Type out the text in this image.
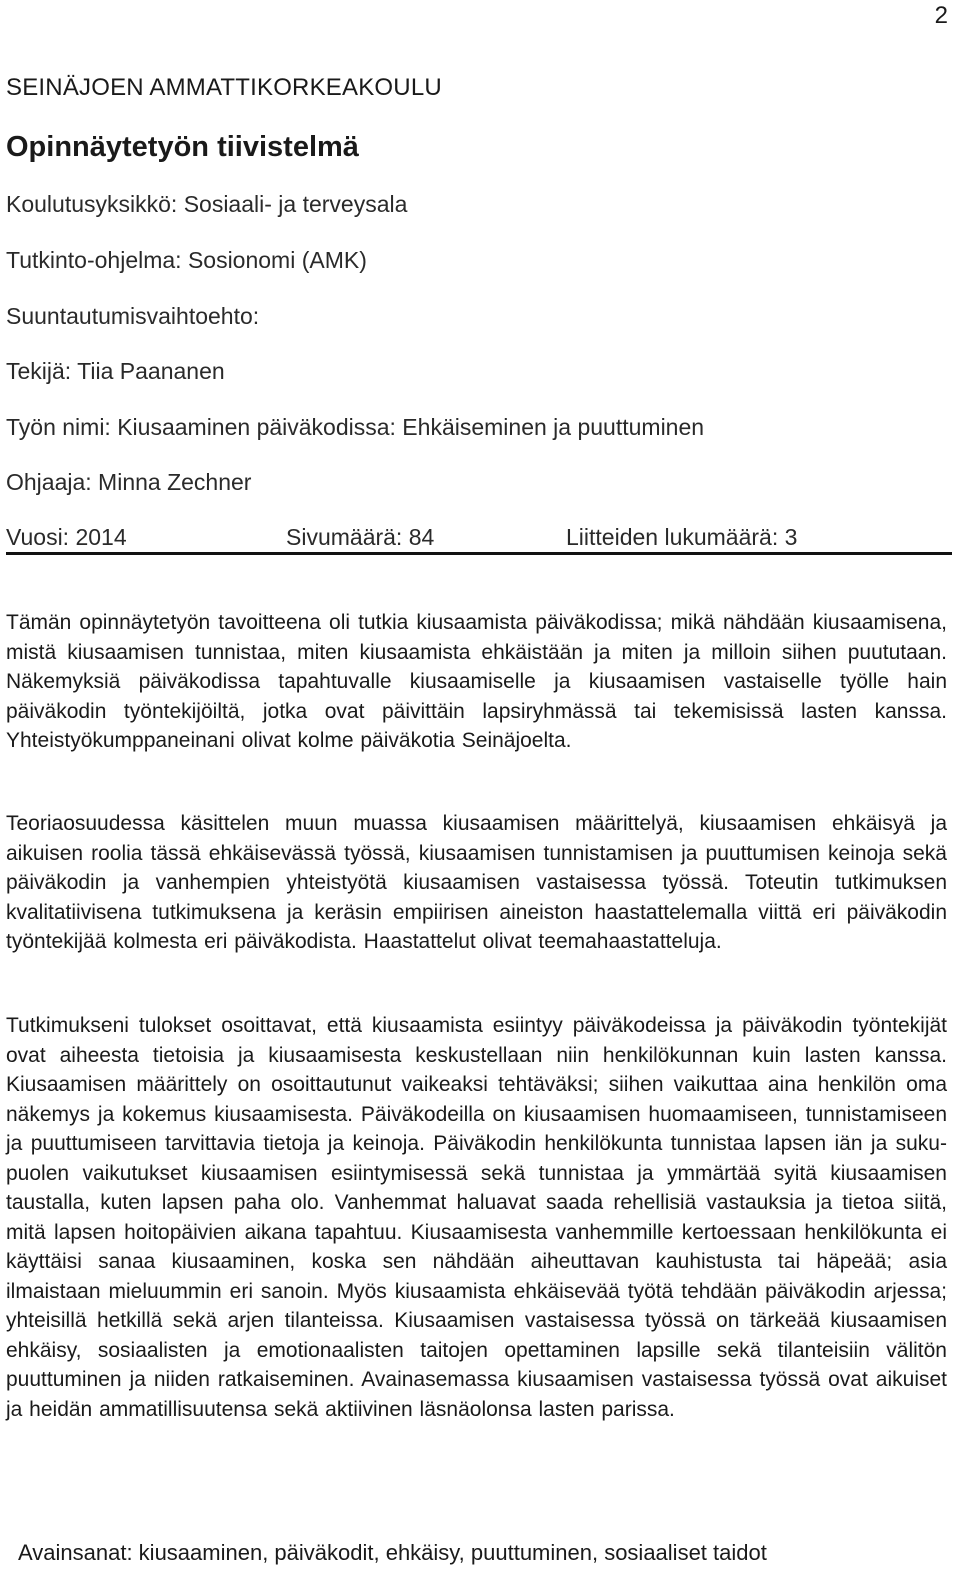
2
SEINÄJOEN AMMATTIKORKEAKOULU
Opinnäytetyön tiivistelmä
Koulutusyksikkö: Sosiaali- ja terveysala
Tutkinto-ohjelma: Sosionomi (AMK)
Suuntautumisvaihtoehto:
Tekijä: Tiia Paananen
Työn nimi: Kiusaaminen päiväkodissa: Ehkäiseminen ja puuttuminen
Ohjaaja: Minna Zechner
Vuosi: 2014	Sivumäärä: 84	Liitteiden lukumäärä: 3

Tämän opinnäytetyön tavoitteena oli tutkia kiusaamista päiväkodissa; mikä nähdään kiusaamisena, mistä kiusaamisen tunnistaa, miten kiusaamista ehkäistään ja miten ja milloin siihen puututaan. Näkemyksiä päiväkodissa tapahtuvalle kiusaamiselle ja kiusaamisen vastaiselle työlle hain päiväkodin työntekijöiltä, jotka ovat päivittäin lapsiryhmässä tai tekemisissä lasten kanssa. Yhteistyökumppaneinani olivat kolme päiväkotia Seinäjoelta.

Teoriaosuudessa käsittelen muun muassa kiusaamisen määrittelyä, kiusaamisen ehkäisyä ja aikuisen roolia tässä ehkäisevässä työssä, kiusaamisen tunnistamisen ja puuttumisen keinoja sekä päiväkodin ja vanhempien yhteistyötä kiusaamisen vastaisessa työssä. Toteutin tutkimuksen kvalitatiivisena tutkimuksena ja keräsin empiirisen aineiston haastattelemalla viittä eri päiväkodin työntekijää kolmesta eri päiväkodista. Haastattelut olivat teemahaastatteluja.

Tutkimukseni tulokset osoittavat, että kiusaamista esiintyy päiväkodeissa ja päiväkodin työntekijät ovat aiheesta tietoisia ja kiusaamisesta keskustellaan niin henkilökunnan kuin lasten kanssa. Kiusaamisen määrittely on osoittautunut vaikeaksi tehtäväksi; siihen vaikuttaa aina henkilön oma näkemys ja kokemus kiusaamisesta. Päiväkodeilla on kiusaamisen huomaamiseen, tunnistamiseen ja puuttumiseen tarvittavia tietoja ja keinoja. Päiväkodin henkilökunta tunnistaa lapsen iän ja sukupuolen vaikutukset kiusaamisen esiintymisessä sekä tunnistaa ja ymmärtää syitä kiusaamisen taustalla, kuten lapsen paha olo. Vanhemmat haluavat saada rehellisiä vastauksia ja tietoa siitä, mitä lapsen hoitopäivien aikana tapahtuu. Kiusaamisesta vanhemmille kertoessaan henkilökunta ei käyttäisi sanaa kiusaaminen, koska sen nähdään aiheuttavan kauhistusta tai häpeää; asia ilmaistaan mieluummin eri sanoin. Myös kiusaamista ehkäisevää työtä tehdään päiväkodin arjessa; yhteisillä hetkillä sekä arjen tilanteissa. Kiusaamisen vastaisessa työssä on tärkeää kiusaamisen ehkäisy, sosiaalisten ja emotionaalisten taitojen opettaminen lapsille sekä tilanteisiin välitön puuttuminen ja niiden ratkaiseminen. Avainasemassa kiusaamisen vastaisessa työssä ovat aikuiset ja heidän ammatillisuutensa sekä aktiivinen läsnäolonsa lasten parissa.

Avainsanat: kiusaaminen, päiväkodit, ehkäisy, puuttuminen, sosiaaliset taidot
